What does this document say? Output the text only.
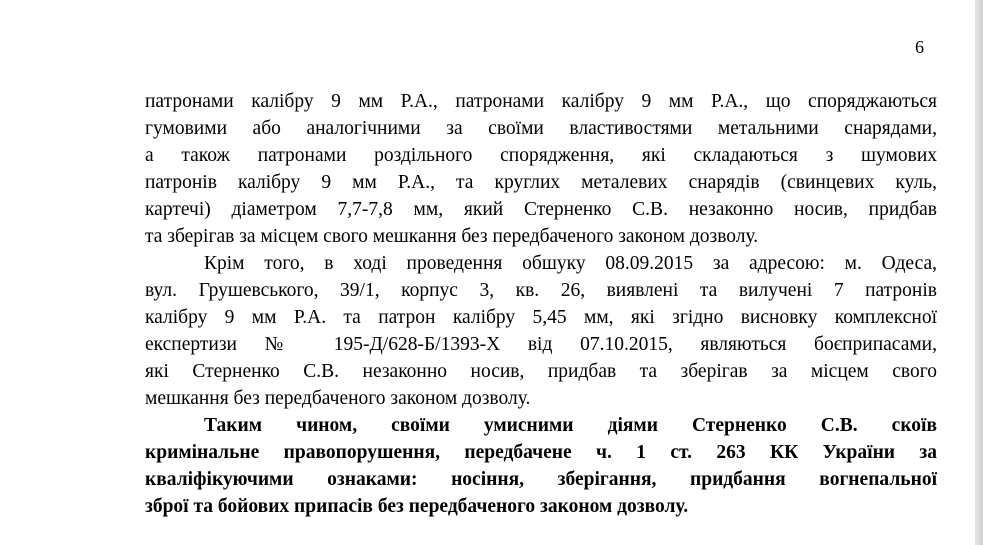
6
патронами калібру 9 мм Р.А., патронами калібру 9 мм Р.А., що споряджаються
гумовими або аналогічними за своїми властивостями метальними снарядами,
а також патронами роздільного спорядження, які складаються з шумових
патронів калібру 9 мм Р.А., та круглих металевих снарядів (свинцевих куль,
картечі) діаметром 7,7-7,8 мм, який Стерненко С.В. незаконно носив, придбав
та зберігав за місцем свого мешкання без передбаченого законом дозволу.
Крім того, в ході проведення обшуку 08.09.2015 за адресою: м. Одеса,
вул. Грушевського, 39/1, корпус 3, кв. 26, виявлені та вилучені 7 патронів
калібру 9 мм Р.А. та патрон калібру 5,45 мм, які згідно висновку комплексної
експертизи № 195-Д/628-Б/1393-Х від 07.10.2015, являються боєприпасами,
які Стерненко С.В. незаконно носив, придбав та зберігав за місцем свого
мешкання без передбаченого законом дозволу.
Таким чином, своїми умисними діями Стерненко С.В. скоїв
кримінальне правопорушення, передбачене ч. 1 ст. 263 КК України за
кваліфікуючими ознаками: носіння, зберігання, придбання вогнепальної
зброї та бойових припасів без передбаченого законом дозволу.
